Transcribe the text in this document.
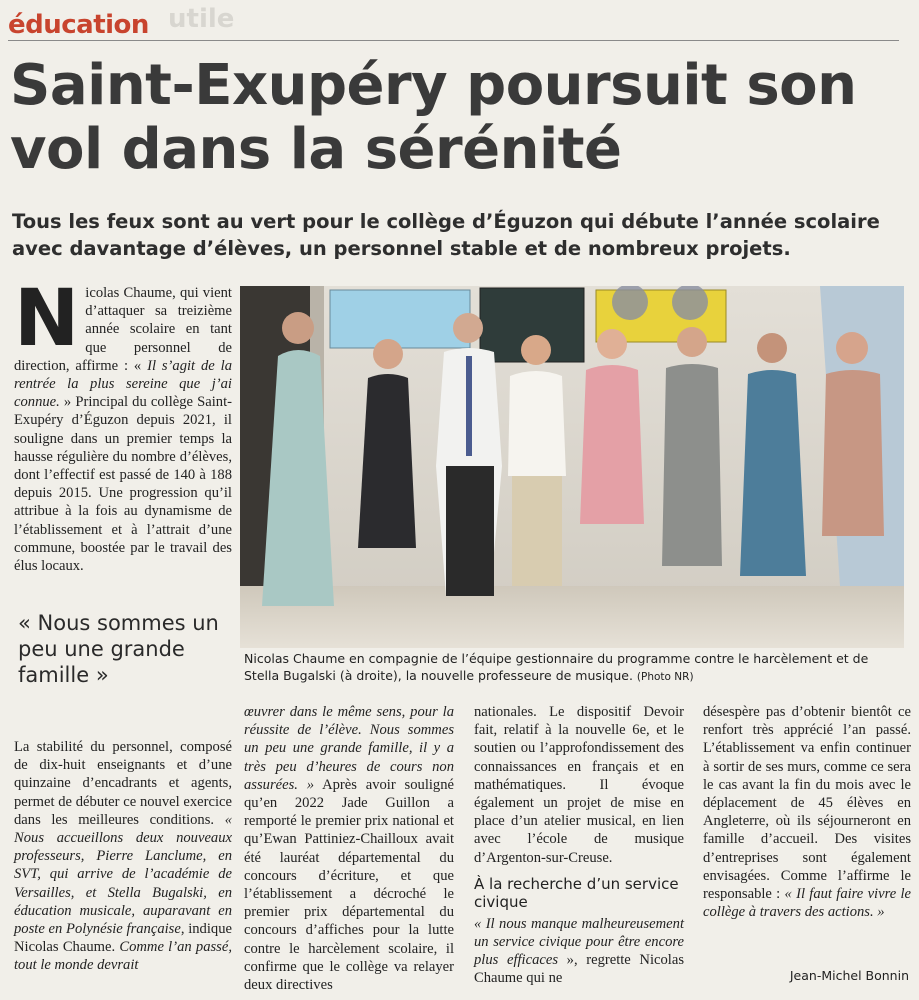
éducation utile
Saint-Exupéry poursuit son vol dans la sérénité
Tous les feux sont au vert pour le collège d’Éguzon qui débute l’année scolaire avec davantage d’élèves, un personnel stable et de nombreux projets.
Nicolas Chaume, qui vient d’attaquer sa treizième année scolaire en tant que personnel de direction, affirme : « Il s’agit de la rentrée la plus sereine que j’ai connue. » Principal du collège Saint-Exupéry d’Éguzon depuis 2021, il souligne dans un premier temps la hausse régulière du nombre d’élèves, dont l’effectif est passé de 140 à 188 depuis 2015. Une progression qu’il attribue à la fois au dynamisme de l’établissement et à l’attrait d’une commune, boostée par le travail des élus locaux.
« Nous sommes un peu une grande famille »
Nicolas Chaume en compagnie de l’équipe gestionnaire du programme contre le harcèlement et de Stella Bugalski (à droite), la nouvelle professeure de musique. (Photo NR)
La stabilité du personnel, composé de dix-huit enseignants et d’une quinzaine d’encadrants et agents, permet de débuter ce nouvel exercice dans les meilleures conditions. « Nous accueillons deux nouveaux professeurs, Pierre Lanclume, en SVT, qui arrive de l’académie de Versailles, et Stella Bugalski, en éducation musicale, auparavant en poste en Polynésie française, indique Nicolas Chaume. Comme l’an passé, tout le monde devrait
œuvrer dans le même sens, pour la réussite de l’élève. Nous sommes un peu une grande famille, il y a très peu d’heures de cours non assurées. » Après avoir souligné qu’en 2022 Jade Guillon a remporté le premier prix national et qu’Ewan Pattiniez-Chailloux avait été lauréat départemental du concours d’écriture, et que l’établissement a décroché le premier prix départemental du concours d’affiches pour la lutte contre le harcèlement scolaire, il confirme que le collège va relayer deux directives
nationales. Le dispositif Devoir fait, relatif à la nouvelle 6e, et le soutien ou l’approfondissement des connaissances en français et en mathématiques. Il évoque également un projet de mise en place d’un atelier musical, en lien avec l’école de musique d’Argenton-sur-Creuse.
À la recherche d’un service civique
« Il nous manque malheureusement un service civique pour être encore plus efficaces », regrette Nicolas Chaume qui ne
désespère pas d’obtenir bientôt ce renfort très apprécié l’an passé. L’établissement va enfin continuer à sortir de ses murs, comme ce sera le cas avant la fin du mois avec le déplacement de 45 élèves en Angleterre, où ils séjourneront en famille d’accueil. Des visites d’entreprises sont également envisagées. Comme l’affirme le responsable : « Il faut faire vivre le collège à travers des actions. »
Jean-Michel Bonnin
